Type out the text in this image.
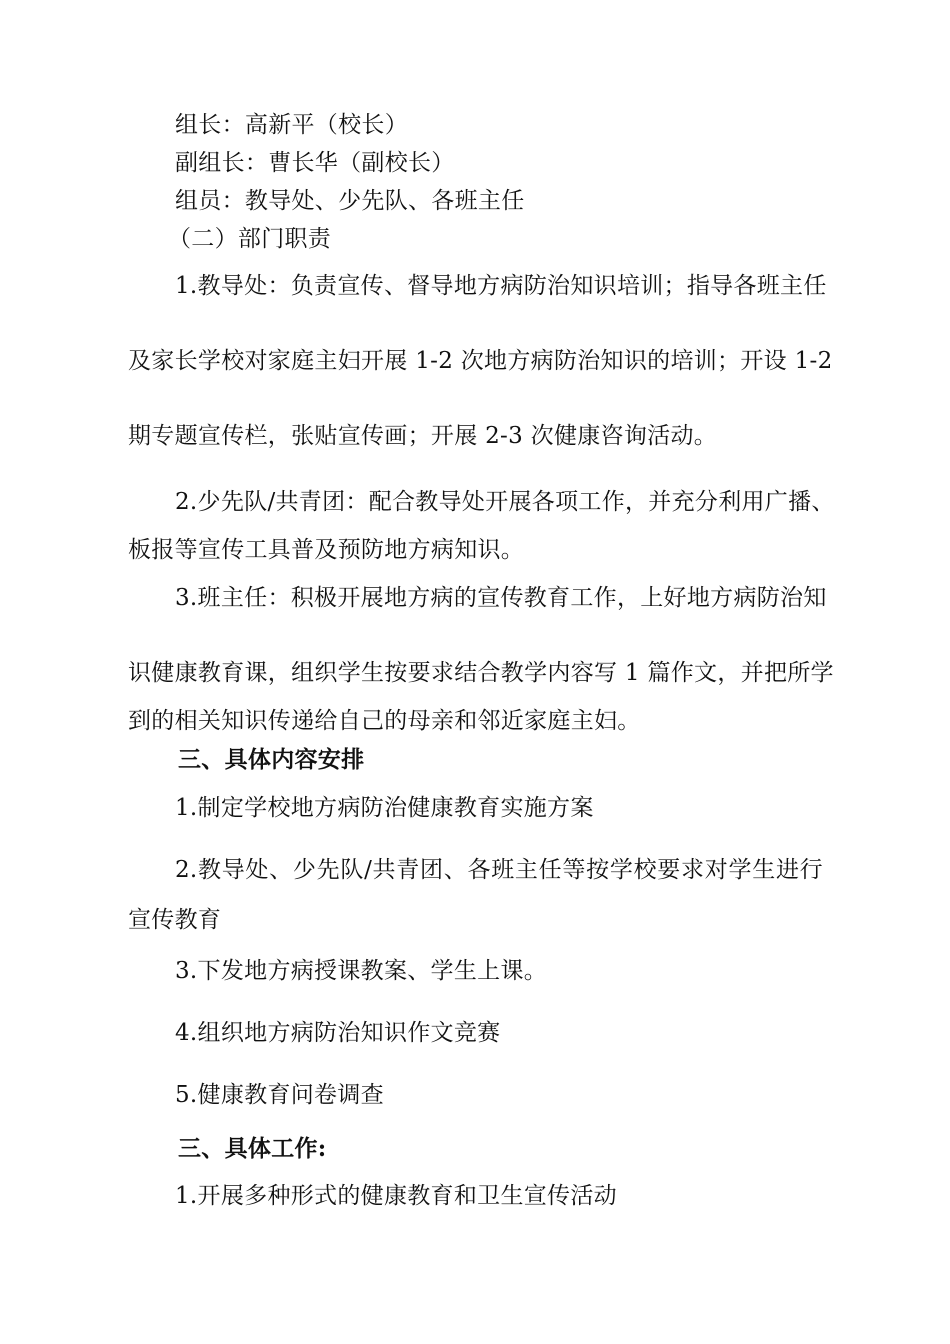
组长：高新平（校长）
副组长：曹长华（副校长）
组员：教导处、少先队、各班主任
（二）部门职责
1.教导处：负责宣传、督导地方病防治知识培训；指导各班主任
及家长学校对家庭主妇开展 1-2 次地方病防治知识的培训；开设 1-2
期专题宣传栏，张贴宣传画；开展 2-3 次健康咨询活动。
2.少先队/共青团：配合教导处开展各项工作，并充分利用广播、
板报等宣传工具普及预防地方病知识。
3.班主任：积极开展地方病的宣传教育工作，上好地方病防治知
识健康教育课，组织学生按要求结合教学内容写 1 篇作文，并把所学
到的相关知识传递给自己的母亲和邻近家庭主妇。
三、具体内容安排
1.制定学校地方病防治健康教育实施方案
2.教导处、少先队/共青团、各班主任等按学校要求对学生进行
宣传教育
3.下发地方病授课教案、学生上课。
4.组织地方病防治知识作文竞赛
5.健康教育问卷调查
三、具体工作:
1.开展多种形式的健康教育和卫生宣传活动
